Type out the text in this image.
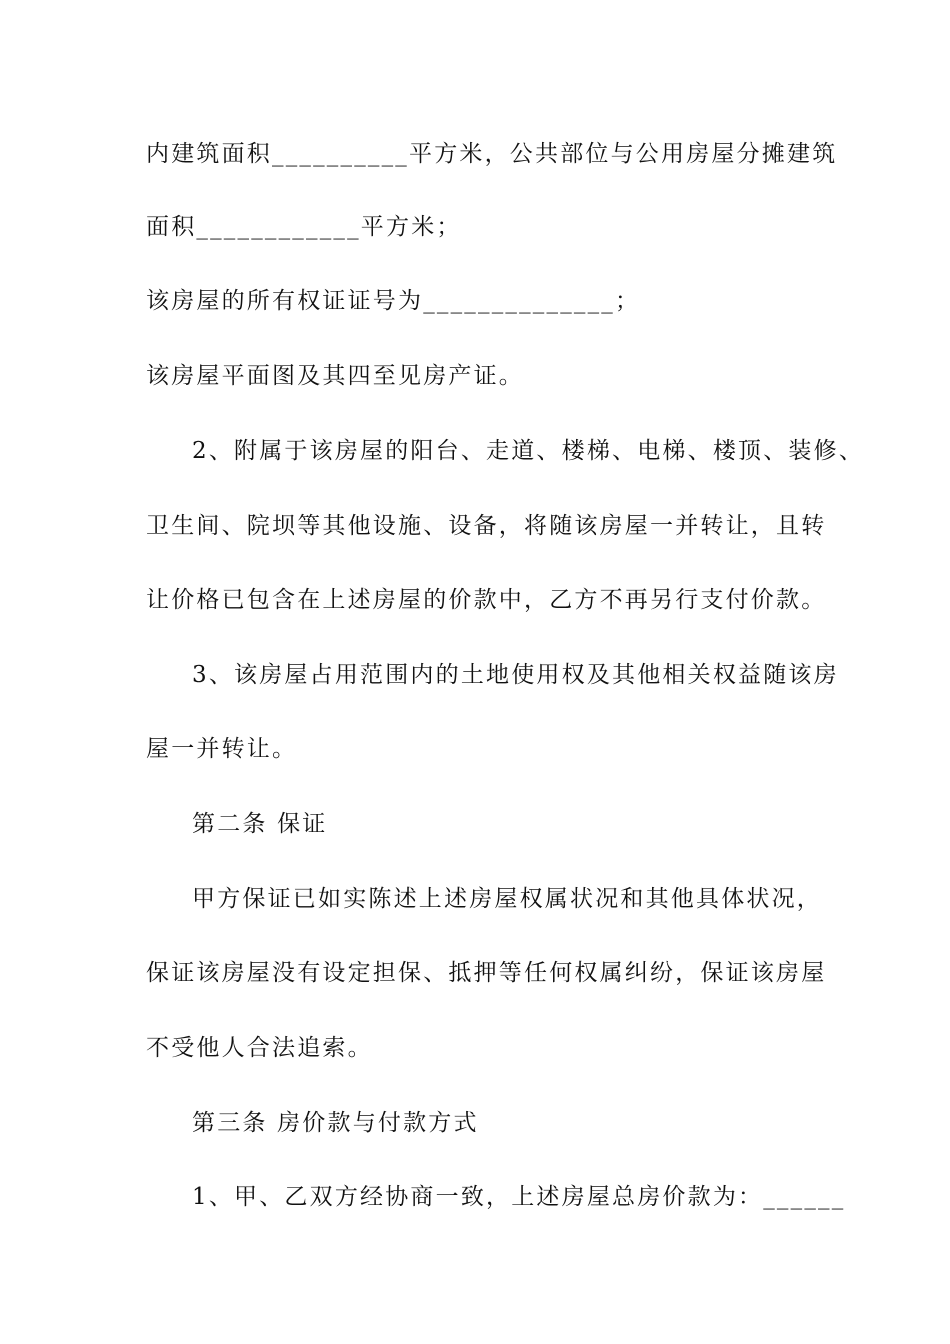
内建筑面积__________平方米，公共部位与公用房屋分摊建筑
面积____________平方米；
该房屋的所有权证证号为______________；
该房屋平面图及其四至见房产证。
2、附属于该房屋的阳台、走道、楼梯、电梯、楼顶、装修、
卫生间、院坝等其他设施、设备，将随该房屋一并转让，且转
让价格已包含在上述房屋的价款中，乙方不再另行支付价款。
3、该房屋占用范围内的土地使用权及其他相关权益随该房
屋一并转让。
第二条 保证
甲方保证已如实陈述上述房屋权属状况和其他具体状况，
保证该房屋没有设定担保、抵押等任何权属纠纷，保证该房屋
不受他人合法追索。
第三条 房价款与付款方式
1、甲、乙双方经协商一致，上述房屋总房价款为：______
